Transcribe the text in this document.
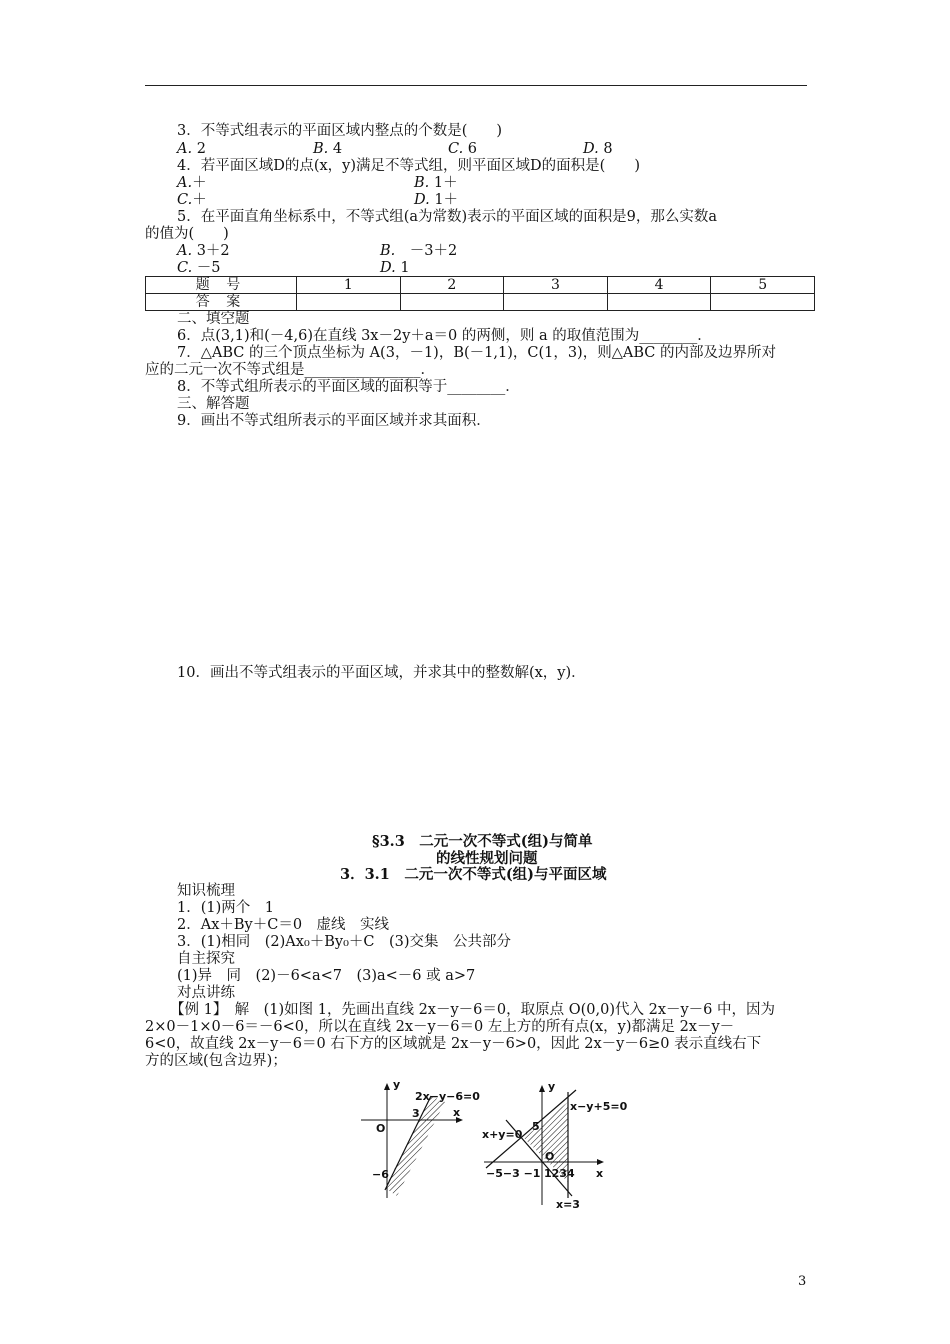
3．不等式组表示的平面区域内整点的个数是(　　)
A. 2	B. 4	C. 6	D. 8
4．若平面区域D的点(x，y)满足不等式组，则平面区域D的面积是(　　)
A.＋	B. 1＋
C.＋	D. 1＋
5．在平面直角坐标系中，不等式组(a为常数)表示的平面区域的面积是9，那么实数a
的值为(　　)
A. 3＋2	B.　－3＋2
C. －5	D. 1
题 号	1	2	3	4	5
答 案					
二、填空题
6．点(3,1)和(－4,6)在直线 3x－2y＋a＝0 的两侧，则 a 的取值范围为________．
7．△ABC 的三个顶点坐标为 A(3，－1)，B(－1,1)，C(1，3)，则△ABC 的内部及边界所对
应的二元一次不等式组是________________．
8．不等式组所表示的平面区域的面积等于________．
三、解答题
9．画出不等式组所表示的平面区域并求其面积．
10．画出不等式组表示的平面区域，并求其中的整数解(x，y)．
§3.3　二元一次不等式(组)与简单
的线性规划问题
3．3.1　二元一次不等式(组)与平面区域
知识梳理
1．(1)两个　1
2．Ax＋By＋C＝0　虚线　实线
3．(1)相同　(2)Ax₀＋By₀＋C　(3)交集　公共部分
自主探究
(1)异　同　(2)－6<a<7　(3)a<－6 或 a>7
对点讲练
【例 1】　解　(1)如图 1，先画出直线 2x－y－6＝0，取原点 O(0,0)代入 2x－y－6 中，因为
2×0－1×0－6＝－6<0，所以在直线 2x－y－6＝0 左上方的所有点(x，y)都满足 2x－y－
6<0，故直线 2x－y－6＝0 右下方的区域就是 2x－y－6>0，因此 2x－y－6≥0 表示直线右下
方的区域(包含边界)；
y
x
O
2x−y−6=0
3
−6
y
x
O
x−y+5=0
x+y=0
x=3
5
−5−3 −1 1234
3
